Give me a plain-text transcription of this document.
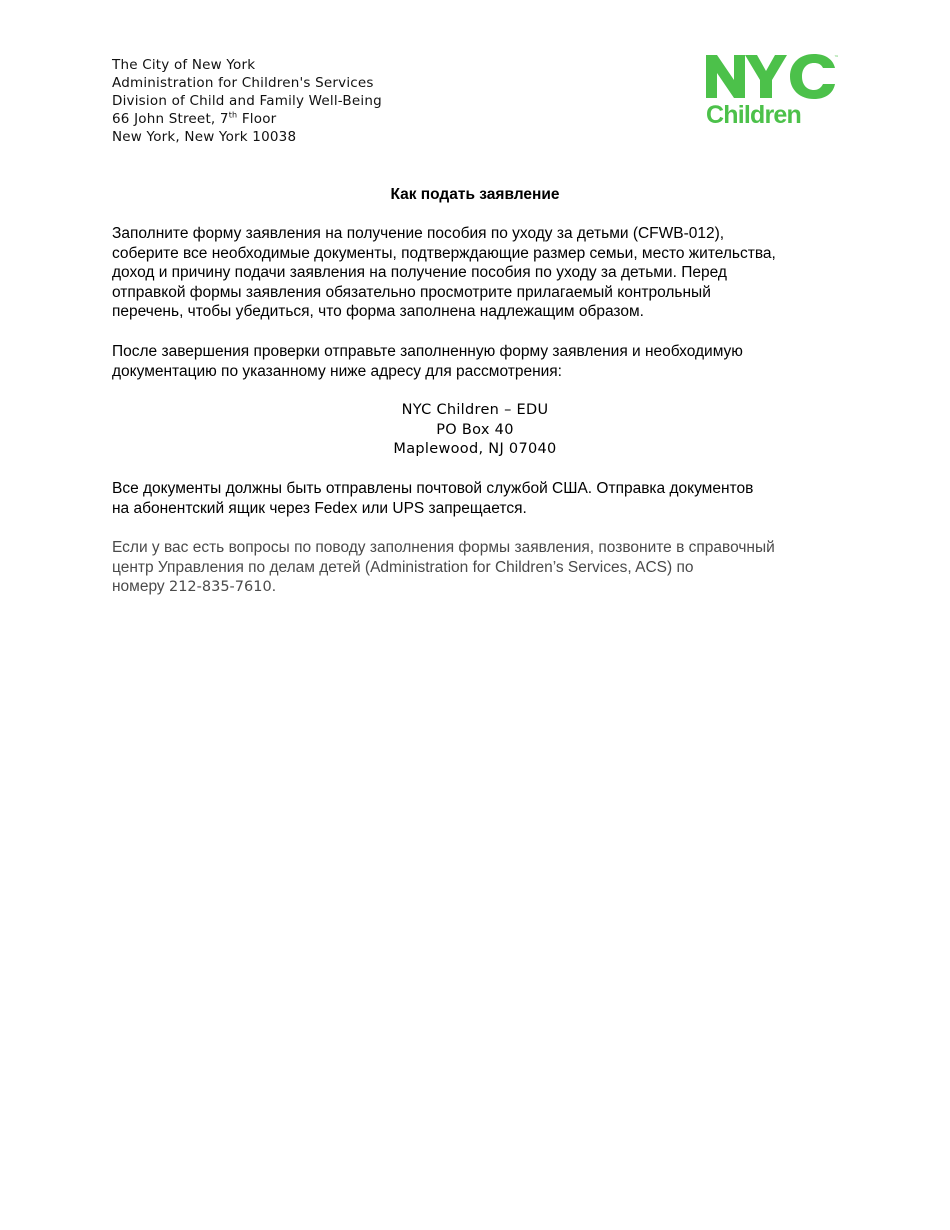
The City of New York
Administration for Children's Services
Division of Child and Family Well-Being
66 John Street, 7th Floor
New York, New York 10038
™
Children
Как подать заявление
Заполните форму заявления на получение пособия по уходу за детьми (CFWB-012),
соберите все необходимые документы, подтверждающие размер семьи, место жительства,
доход и причину подачи заявления на получение пособия по уходу за детьми. Перед
отправкой формы заявления обязательно просмотрите прилагаемый контрольный
перечень, чтобы убедиться, что форма заполнена надлежащим образом.
После завершения проверки отправьте заполненную форму заявления и необходимую
документацию по указанному ниже адресу для рассмотрения:
NYC Children – EDU
PO Box 40
Maplewood, NJ 07040
Все документы должны быть отправлены почтовой службой США. Отправка документов
на абонентский ящик через Fedex или UPS запрещается.
Если у вас есть вопросы по поводу заполнения формы заявления, позвоните в справочный
центр Управления по делам детей (Administration for Children’s Services, ACS) по
номеру 212-835-7610.
